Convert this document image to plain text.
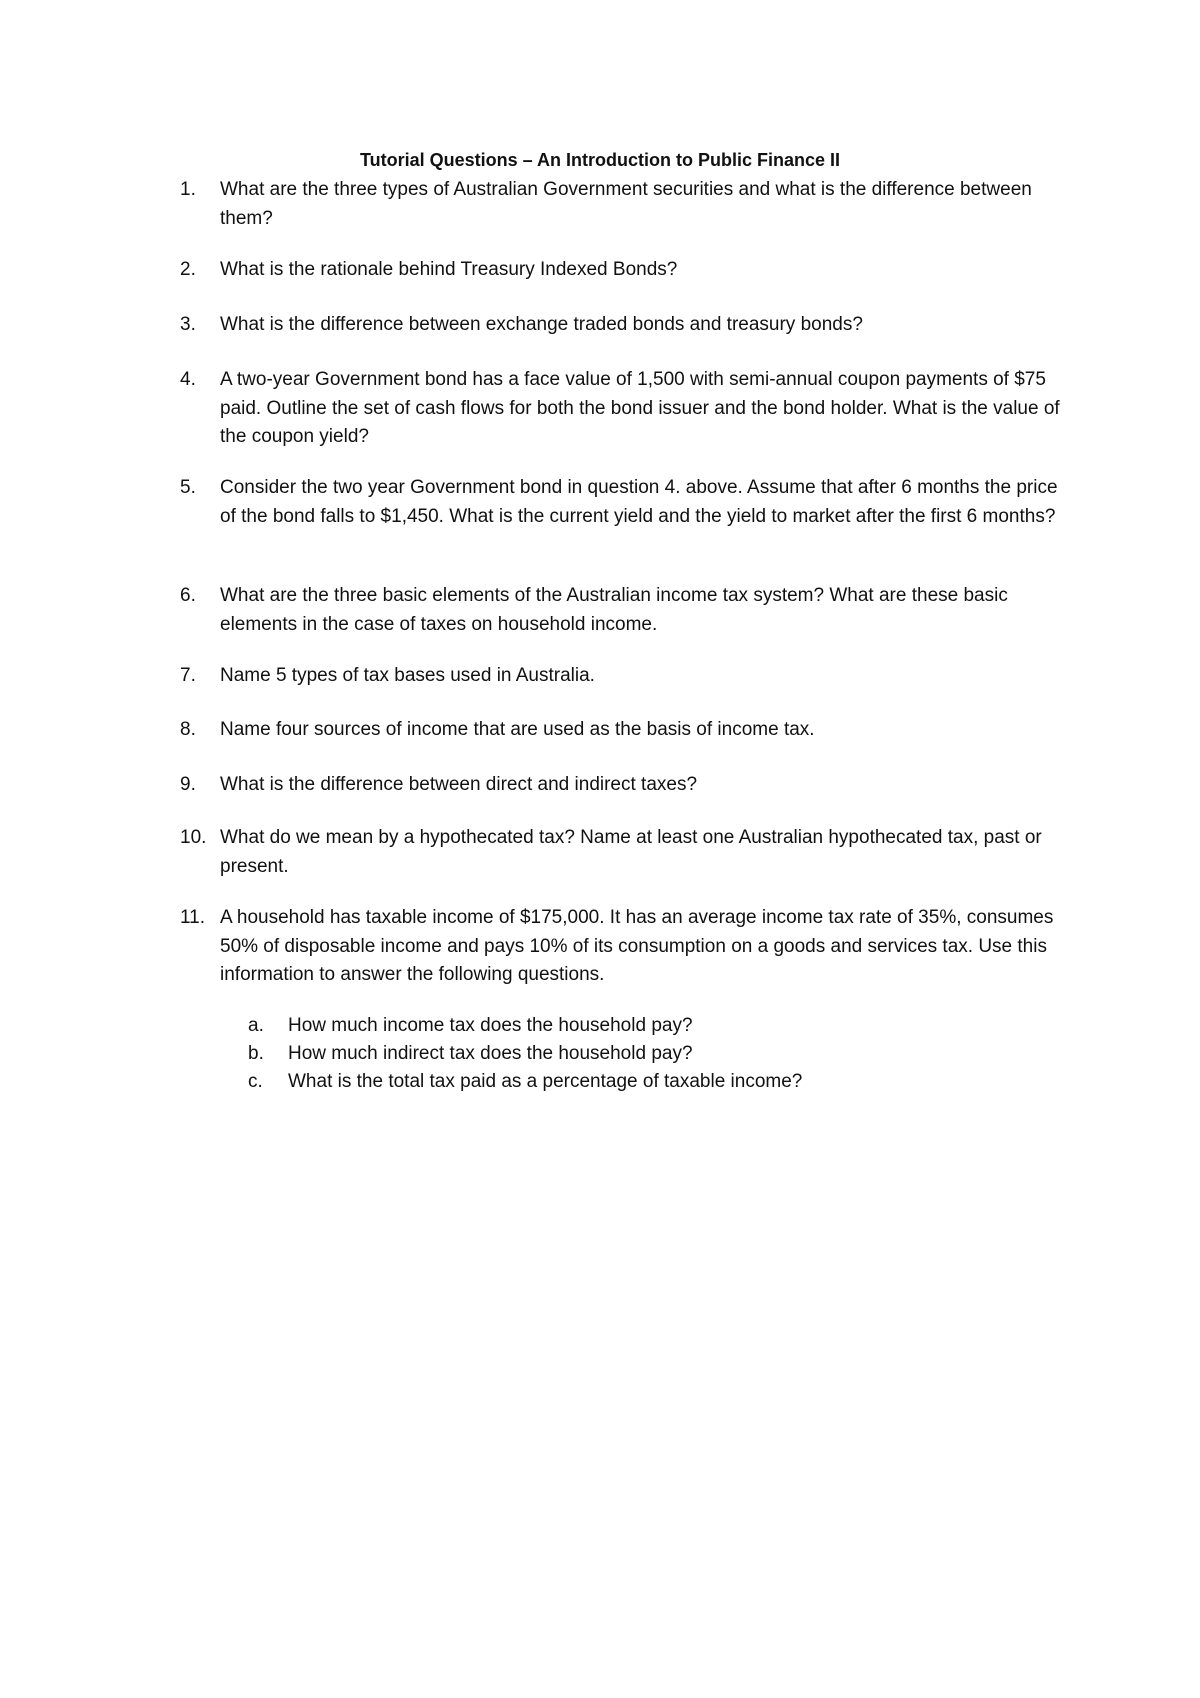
Tutorial Questions – An Introduction to Public Finance II
1.	What are the three types of Australian Government securities and what is the difference between them?
2.	What is the rationale behind Treasury Indexed Bonds?
3.	What is the difference between exchange traded bonds and treasury bonds?
4.	A two-year Government bond has a face value of 1,500 with semi-annual coupon payments of $75 paid. Outline the set of cash flows for both the bond issuer and the bond holder. What is the value of the coupon yield?
5.	Consider the two year Government bond in question 4. above. Assume that after 6 months the price of the bond falls to $1,450. What is the current yield and the yield to market after the first 6 months?
6.	What are the three basic elements of the Australian income tax system? What are these basic elements in the case of taxes on household income.
7.	Name 5 types of tax bases used in Australia.
8.	Name four sources of income that are used as the basis of income tax.
9.	What is the difference between direct and indirect taxes?
10. What do we mean by a hypothecated tax? Name at least one Australian hypothecated tax, past or present.
11. A household has taxable income of $175,000. It has an average income tax rate of 35%, consumes 50% of disposable income and pays 10% of its consumption on a goods and services tax. Use this information to answer the following questions.
a.	How much income tax does the household pay?
b.	How much indirect tax does the household pay?
c.	What is the total tax paid as a percentage of taxable income?
